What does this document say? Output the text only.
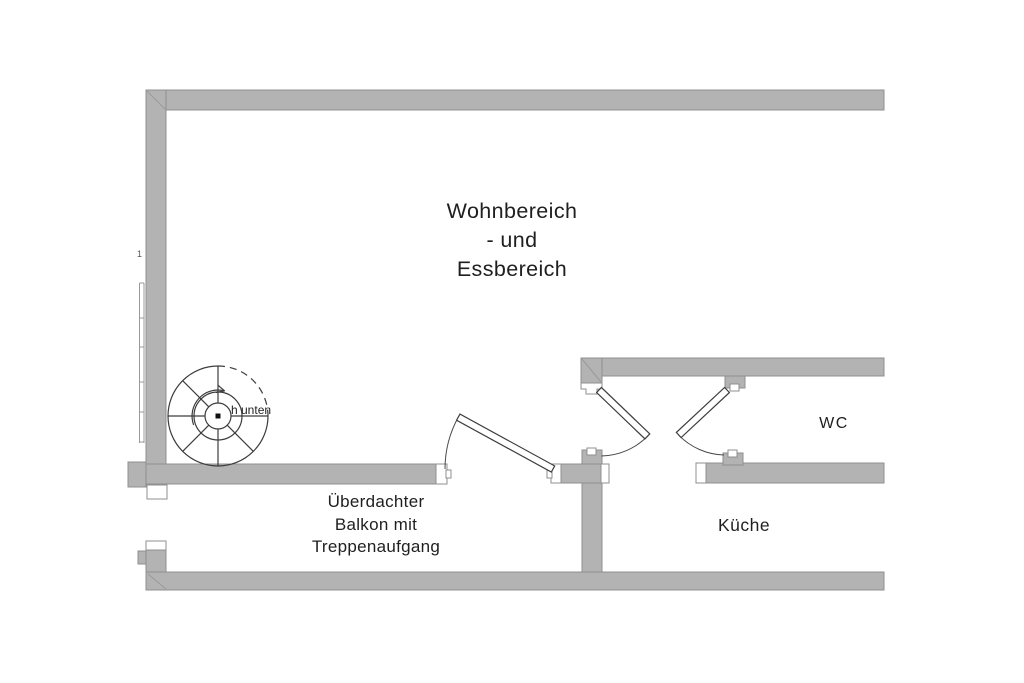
Wohnbereich
- und
Essbereich
Überdachter
Balkon mit
Treppenaufgang
Küche
WC
h unten
1
